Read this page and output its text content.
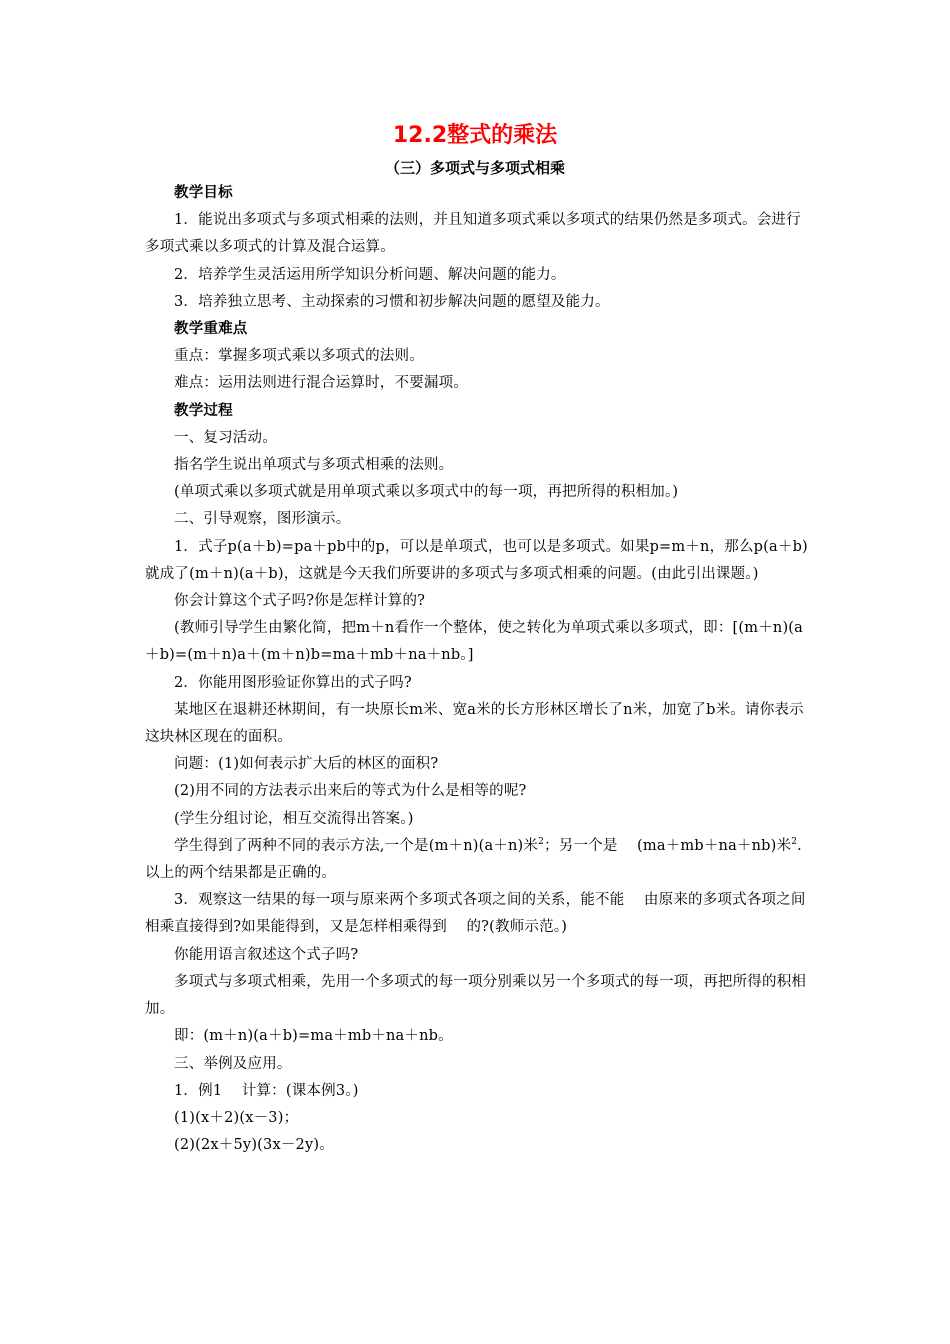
12.2整式的乘法
（三）多项式与多项式相乘

教学目标

1．能说出多项式与多项式相乘的法则，并且知道多项式乘以多项式的结果仍然是多项式。会进行多项式乘以多项式的计算及混合运算。

2．培养学生灵活运用所学知识分析问题、解决问题的能力。

3．培养独立思考、主动探索的习惯和初步解决问题的愿望及能力。

教学重难点

重点：掌握多项式乘以多项式的法则。

难点：运用法则进行混合运算时，不要漏项。

教学过程

一、复习活动。

指名学生说出单项式与多项式相乘的法则。

(单项式乘以多项式就是用单项式乘以多项式中的每一项，再把所得的积相加。)

二、引导观察，图形演示。

1．式子p(a＋b)=pa＋pb中的p，可以是单项式，也可以是多项式。如果p=m＋n，那么p(a＋b)就成了(m＋n)(a＋b)，这就是今天我们所要讲的多项式与多项式相乘的问题。(由此引出课题。)

你会计算这个式子吗?你是怎样计算的?

(教师引导学生由繁化简，把m＋n看作一个整体，使之转化为单项式乘以多项式，即：[(m＋n)(a＋b)=(m＋n)a＋(m＋n)b=ma＋mb＋na＋nb。]

2．你能用图形验证你算出的式子吗?

某地区在退耕还林期间，有一块原长m米、宽a米的长方形林区增长了n米，加宽了b米。请你表示这块林区现在的面积。

问题：(1)如何表示扩大后的林区的面积?

(2)用不同的方法表示出来后的等式为什么是相等的呢?

(学生分组讨论，相互交流得出答案。)

学生得到了两种不同的表示方法,一个是(m＋n)(a＋n)米$^2$；另一个是　 (ma＋mb＋na＋nb)米$^2$.以上的两个结果都是正确的。

3．观察这一结果的每一项与原来两个多项式各项之间的关系，能不能　 由原来的多项式各项之间相乘直接得到?如果能得到，又是怎样相乘得到　 的?(教师示范。)

你能用语言叙述这个式子吗?

多项式与多项式相乘，先用一个多项式的每一项分别乘以另一个多项式的每一项，再把所得的积相加。

即：(m＋n)(a＋b)=ma＋mb＋na＋nb。

三、举例及应用。

1．例1　 计算：(课本例3。)

(1)(x＋2)(x－3)；

(2)(2x＋5y)(3x－2y)。
